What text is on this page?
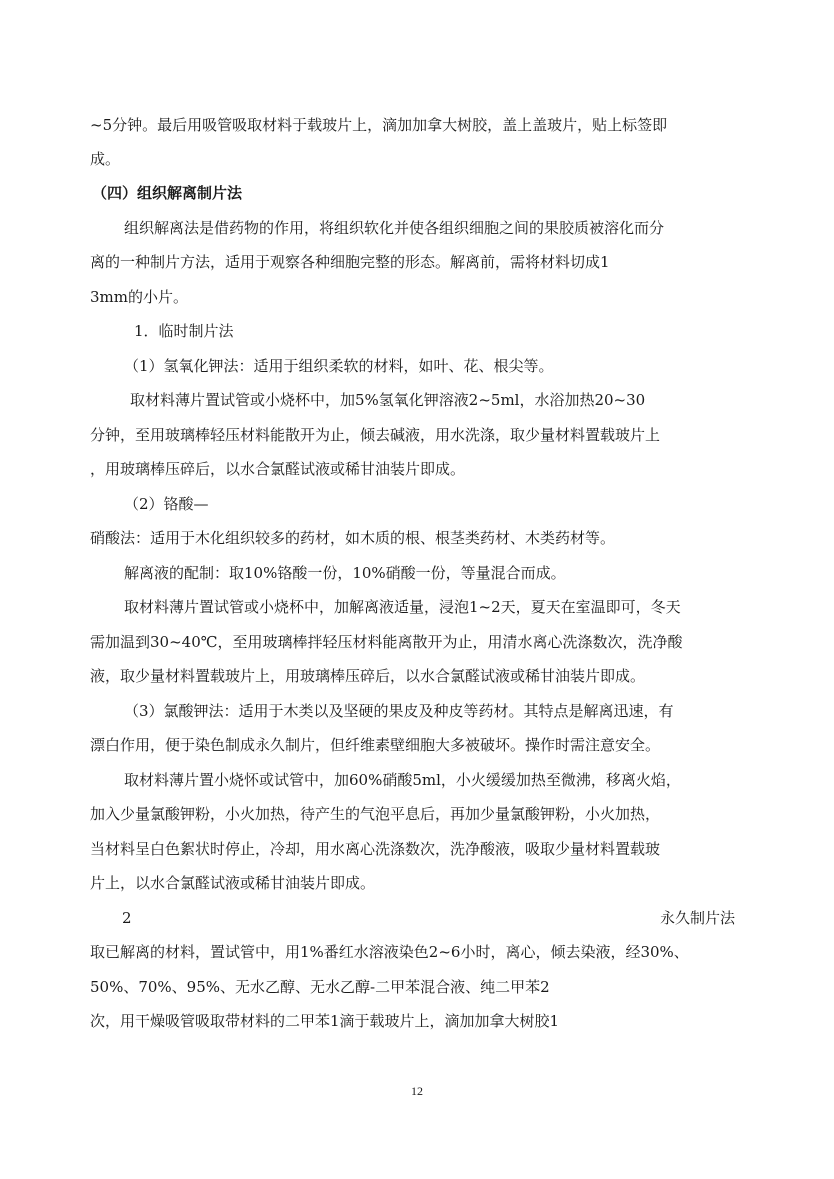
~5分钟。最后用吸管吸取材料于载玻片上，滴加加拿大树胶，盖上盖玻片，贴上标签即
成。
（四）组织解离制片法
组织解离法是借药物的作用，将组织软化并使各组织细胞之间的果胶质被溶化而分
离的一种制片方法，适用于观察各种细胞完整的形态。解离前，需将材料切成1
3mm的小片。
1．临时制片法
（1）氢氧化钾法：适用于组织柔软的材料，如叶、花、根尖等。
取材料薄片置试管或小烧杯中，加5%氢氧化钾溶液2~5ml，水浴加热20~30
分钟，至用玻璃棒轻压材料能散开为止，倾去碱液，用水洗涤，取少量材料置载玻片上
，用玻璃棒压碎后，以水合氯醛试液或稀甘油装片即成。
（2）铬酸—
硝酸法：适用于木化组织较多的药材，如木质的根、根茎类药材、木类药材等。
解离液的配制：取10%铬酸一份，10%硝酸一份，等量混合而成。
取材料薄片置试管或小烧杯中，加解离液适量，浸泡1~2天，夏天在室温即可，冬天
需加温到30~40℃，至用玻璃棒拌轻压材料能离散开为止，用清水离心洗涤数次，洗净酸
液，取少量材料置载玻片上，用玻璃棒压碎后，以水合氯醛试液或稀甘油装片即成。
（3）氯酸钾法：适用于木类以及坚硬的果皮及种皮等药材。其特点是解离迅速，有
漂白作用，便于染色制成永久制片，但纤维素壁细胞大多被破坏。操作时需注意安全。
取材料薄片置小烧怀或试管中，加60%硝酸5ml，小火缓缓加热至微沸，移离火焰，
加入少量氯酸钾粉，小火加热，待产生的气泡平息后，再加少量氯酸钾粉，小火加热，
当材料呈白色絮状时停止，冷却，用水离心洗涤数次，洗净酸液，吸取少量材料置载玻
片上，以水合氯醛试液或稀甘油装片即成。
2	永久制片法
取已解离的材料，置试管中，用1%番红水溶液染色2~6小时，离心，倾去染液，经30%、
50%、70%、95%、无水乙醇、无水乙醇-二甲苯混合液、纯二甲苯2
次，用干燥吸管吸取带材料的二甲苯1滴于载玻片上，滴加加拿大树胶1
12
